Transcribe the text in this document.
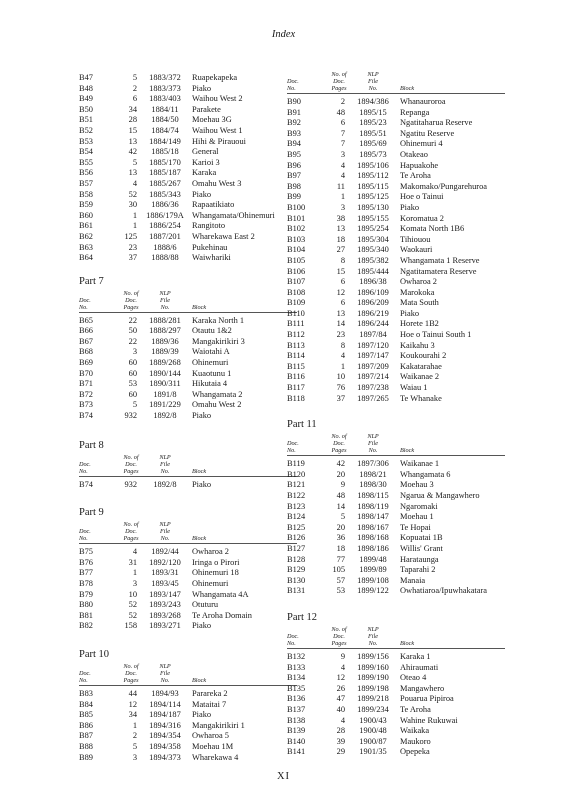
Index
B47	5	1883/372	Ruapekapeka
B48	2	1883/373	Piako
B49	6	1883/403	Waihou West 2
B50	34	1884/11	Parakete
B51	28	1884/50	Moehau 3G
B52	15	1884/74	Waihou West 1
B53	13	1884/149	Hihi & Pirauoui
B54	42	1885/18	General
B55	5	1885/170	Karioi 3
B56	13	1885/187	Karaka
B57	4	1885/267	Omahu West 3
B58	52	1885/343	Piako
B59	30	1886/36	Rapaatikiato
B60	1	1886/179A Whangamata/Ohinemuri
B61	1	1886/254	Rangitoto
B62	125	1887/201	Wharekawa East 2
B63	23	1888/6	Pukehinau
B64	37	1888/88	Waiwhariki
Part 7
No. of	NLP
Doc.	Doc.	File
No.	Pages	No.	Block
B65	22	1888/281	Karaka North 1
B66	50	1888/297	Otautu 1&2
B67	22	1889/36	Mangakirikiri 3
B68	3	1889/39	Waiotahi A
B69	60	1889/268	Ohinemuri
B70	60	1890/144	Kuaotunu 1
B71	53	1890/311	Hikutaia 4
B72	60	1891/8	Whangamata 2
B73	5	1891/229	Omahu West 2
B74	932	1892/8	Piako
Part 8
No. of	NLP
Doc.	Doc.	File
No.	Pages	No.	Block
B74	932	1892/8	Piako
Part 9
No. of	NLP
Doc.	Doc.	File
No.	Pages	No.	Block
B75	4	1892/44	Owharoa 2
B76	31	1892/120	Iringa o Pirori
B77	1	1893/31	Ohinemuri 18
B78	3	1893/45	Ohinemuri
B79	10	1893/147	Whangamata 4A
B80	52	1893/243	Otuturu
B81	52	1893/268	Te Aroha Domain
B82	158	1893/271	Piako
Part 10
No. of	NLP
Doc.	Doc.	File
No.	Pages	No.	Block
B83	44	1894/93	Parareka 2
B84	12	1894/114	Mataitai 7
B85	34	1894/187	Piako
B86	1	1894/316	Mangakirikiri 1
B87	2	1894/354	Owharoa 5
B88	5	1894/358	Moehau 1M
B89	3	1894/373	Wharekawa 4
No. of	NLP
Doc.	Doc.	File
No.	Pages	No.	Block
B90	2	1894/386	Whanauroroa
B91	48	1895/15	Repanga
B92	6	1895/23	Ngatitaharua Reserve
B93	7	1895/51	Ngatitu Reserve
B94	7	1895/69	Ohinemuri 4
B95	3	1895/73	Otakeao
B96	4	1895/106	Hapuakohe
B97	4	1895/112	Te Aroha
B98	11	1895/115	Makomako/Pungarehuroa
B99	1	1895/125	Hoe o Tainui
B100	3	1895/130	Piako
B101	38	1895/155	Koromatua 2
B102	13	1895/254	Komata North 1B6
B103	18	1895/304	Tihiouou
B104	27	1895/340	Waokauri
B105	8	1895/382	Whangamata 1 Reserve
B106	15	1895/444	Ngatitamatera Reserve
B107	6	1896/38	Owharoa 2
B108	12	1896/109	Marokoka
B109	6	1896/209	Mata South
B110	13	1896/219	Piako
B111	14	1896/244	Horete 1B2
B112	23	1897/84	Hoe o Tainui South 1
B113	8	1897/120	Kaikahu 3
B114	4	1897/147	Koukourahi 2
B115	1	1897/209	Kakatarahae
B116	10	1897/214	Waikanae 2
B117	76	1897/238	Waiau 1
B118	37	1897/265	Te Whanake
Part 11
No. of	NLP
Doc.	Doc.	File
No.	Pages	No.	Block
B119	42	1897/306	Waikanae 1
B120	20	1898/21	Whangamata 6
B121	9	1898/30	Moehau 3
B122	48	1898/115	Ngarua & Mangawhero
B123	14	1898/119	Ngaromaki
B124	5	1898/147	Moehau 1
B125	20	1898/167	Te Hopai
B126	36	1898/168	Kopuatai 1B
B127	18	1898/186	Willis' Grant
B128	77	1899/48	Harataunga
B129	105	1899/89	Taparahi 2
B130	57	1899/108	Manaia
B131	53	1899/122	Owhatiaroa/Ipuwhakatara
Part 12
No. of	NLP
Doc.	Doc.	File
No.	Pages	No.	Block
B132	9	1899/156	Karaka 1
B133	4	1899/160	Ahiraumati
B134	12	1899/190	Oteao 4
B135	26	1899/198	Mangawhero
B136	47	1899/218	Pouarua Pipiroa
B137	40	1899/234	Te Aroha
B138	4	1900/43	Wahine Rukuwai
B139	28	1900/48	Waikaka
B140	39	1900/87	Maukoro
B141	29	1901/35	Opepeka
XI
